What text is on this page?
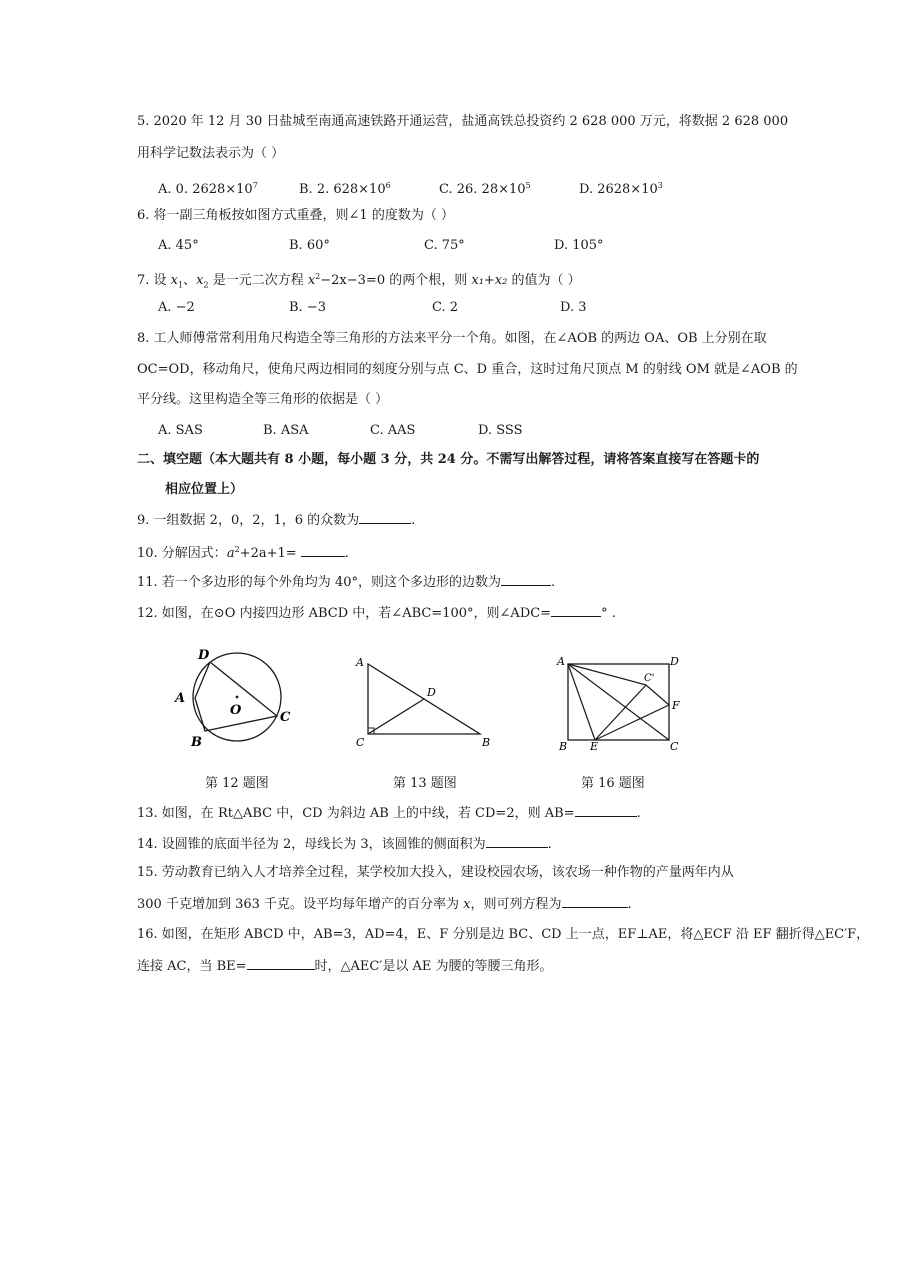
5. 2020 年 12 月 30 日盐城至南通高速铁路开通运营，盐通高铁总投资约 2 628 000 万元，将数据 2 628 000
用科学记数法表示为（ ）
A. 0. $2628\times 10^7$	B. 2. $628\times 10^6$	C. 26. $28\times 10^5$	D. $2628\times 10^3$
6. 将一副三角板按如图方式重叠，则∠1 的度数为（ ）
A. 45°	B. 60°	C. 75°	D. 105°
7. 设 $x_1$、$x_2$ 是一元二次方程 $x^2-2x-3=0$ 的两个根，则 x₁+x₂ 的值为（ ）
A. −2	B. −3	C. 2	D. 3
8. 工人师傅常常利用角尺构造全等三角形的方法来平分一个角。如图，在∠AOB 的两边 OA、OB 上分别在取
OC=OD，移动角尺，使角尺两边相同的刻度分别与点 C、D 重合，这时过角尺顶点 M 的射线 OM 就是∠AOB 的
平分线。这里构造全等三角形的依据是（ ）
A. SAS	B. ASA	C. AAS	D. SSS
二、填空题（本大题共有 8 小题，每小题 3 分，共 24 分。不需写出解答过程，请将答案直接写在答题卡的
相应位置上）
9. 一组数据 2，0，2，1，6 的众数为	.
10. 分解因式：$a^2+2a+1=$	.
11. 若一个多边形的每个外角均为 40°，则这个多边形的边数为	.
12. 如图，在⊙O 内接四边形 ABCD 中，若∠ABC=100°，则∠ADC=	° .
D
A
O	C
B
第 12 题图
A
D
C	B
第 13 题图
A	D
C'
F
B E	C
第 16 题图
13. 如图，在 Rt△ABC 中，CD 为斜边 AB 上的中线，若 CD=2，则 AB=	.
14. 设圆锥的底面半径为 2，母线长为 3，该圆锥的侧面积为	.
15. 劳动教育已纳入人才培养全过程，某学校加大投入，建设校园农场，该农场一种作物的产量两年内从
300 千克增加到 363 千克。设平均每年增产的百分率为 x，则可列方程为	.
16. 如图，在矩形 ABCD 中，AB=3，AD=4，E、F 分别是边 BC、CD 上一点，EF⊥AE，将△ECF 沿 EF 翻折得△EC′F，
连接 AC，当 BE=	时，△AEC′是以 AE 为腰的等腰三角形。
